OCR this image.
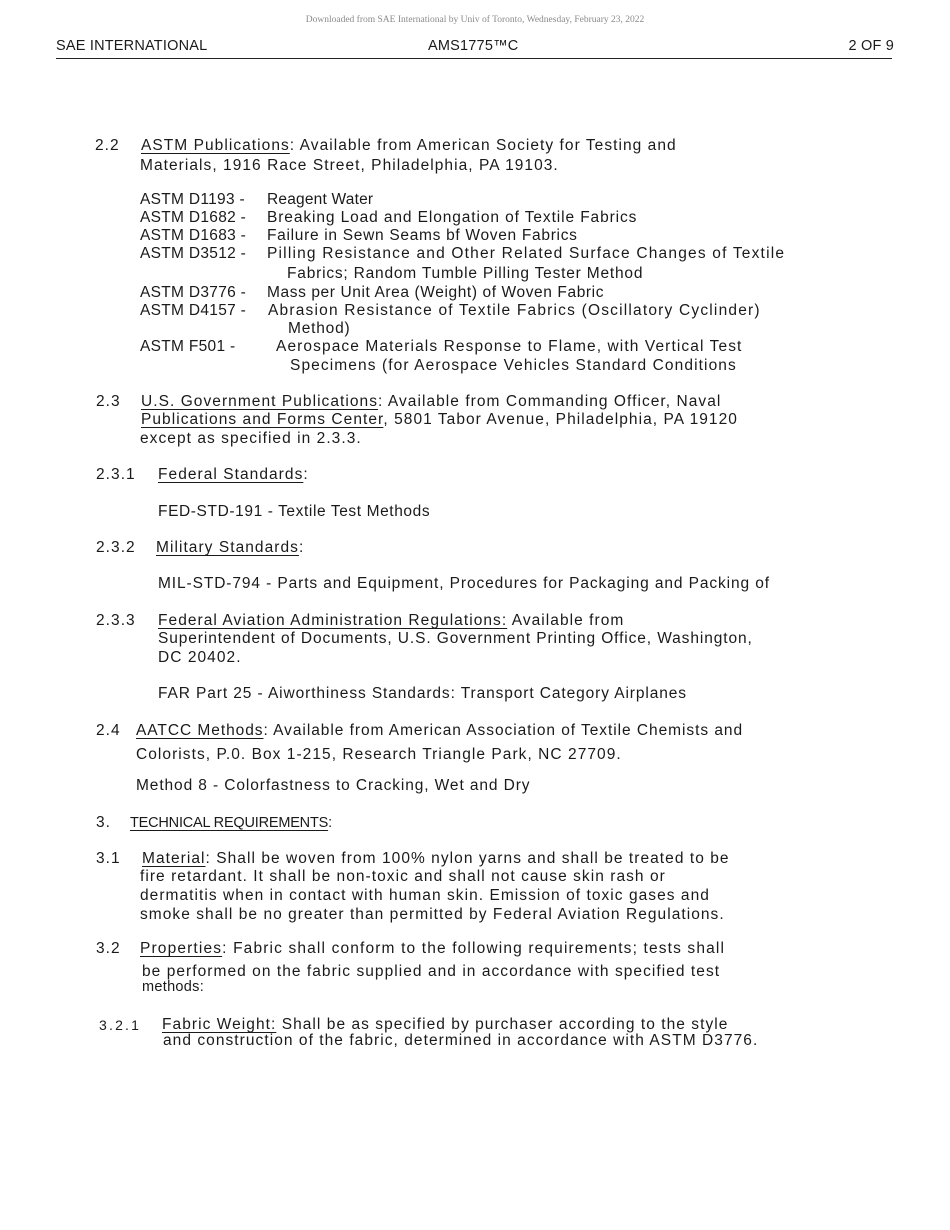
Downloaded from SAE International by Univ of Toronto, Wednesday, February 23, 2022
SAE INTERNATIONAL	AMS1775™C	2 OF 9
2.2 ASTM Publications: Available from American Society for Testing and
Materials, 1916 Race Street, Philadelphia, PA 19103.
ASTM D1193 - Reagent Water
ASTM D1682 - Breaking Load and Elongation of Textile Fabrics
ASTM D1683 - Failure in Sewn Seams bf Woven Fabrics
ASTM D3512 - Pilling Resistance and Other Related Surface Changes of Textile
Fabrics; Random Tumble Pilling Tester Method
ASTM D3776 - Mass per Unit Area (Weight) of Woven Fabric
ASTM D4157 - Abrasion Resistance of Textile Fabrics (Oscillatory Cyclinder)
Method)
ASTM F501 -	Aerospace Materials Response to Flame, with Vertical Test
Specimens (for Aerospace Vehicles Standard Conditions
2.3 U.S. Government Publications: Available from Commanding Officer, Naval
Publications and Forms Center, 5801 Tabor Avenue, Philadelphia, PA 19120
except as specified in 2.3.3.
2.3.1 Federal Standards:
FED-STD-191 - Textile Test Methods
2.3.2 Military Standards:
MIL-STD-794 - Parts and Equipment, Procedures for Packaging and Packing of
2.3.3 Federal Aviation Administration Regulations: Available from
Superintendent of Documents, U.S. Government Printing Office, Washington,
DC 20402.
FAR Part 25 - Aiworthiness Standards: Transport Category Airplanes
2.4 AATCC Methods: Available from American Association of Textile Chemists and
Colorists, P.0. Box 1-215, Research Triangle Park, NC 27709.
Method 8 - Colorfastness to Cracking, Wet and Dry
3. TECHNICAL REQUIREMENTS:
3.1 Material: Shall be woven from 100% nylon yarns and shall be treated to be
fire retardant. It shall be non-toxic and shall not cause skin rash or
dermatitis when in contact with human skin. Emission of toxic gases and
smoke shall be no greater than permitted by Federal Aviation Regulations.
3.2 Properties: Fabric shall conform to the following requirements; tests shall
be performed on the fabric supplied and in accordance with specified test
methods:
3.2.1 Fabric Weight: Shall be as specified by purchaser according to the style
and construction of the fabric, determined in accordance with ASTM D3776.
